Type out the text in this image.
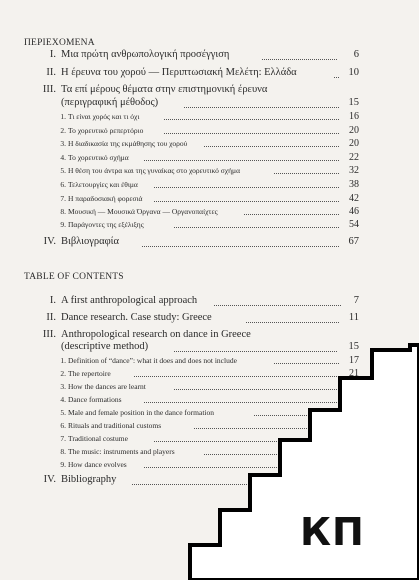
ΠΕΡΙΕΧΟΜΕΝΑ
I. Μια πρώτη ανθρωπολογική προσέγγιση	6
II. Η έρευνα του χορού — Περιπτωσιακή Μελέτη: Ελλάδα	10
III. Τα επί μέρους θέματα στην επιστημονική έρευνα
(περιγραφική μέθοδος)	15
1. Τι είναι χορός και τι όχι	16
2. Το χορευτικό ρεπερτόριο	20
3. Η διαδικασία της εκμάθησης του χορού	20
4. Το χορευτικό σχήμα	22
5. Η θέση του άντρα και της γυναίκας στο χορευτικό σχήμα	32
6. Τελετουργίες και έθιμα	38
7. Η παραδοσιακή φορεσιά	42
8. Μουσική — Μουσικά Όργανα — Οργανοπαίχτες	46
9. Παράγοντες της εξέλιξης	54
IV. Βιβλιογραφία	67
TABLE OF CONTENTS
I. A first anthropological approach	7
II. Dance research. Case study: Greece	11
III. Anthropological research on dance in Greece
(descriptive method)	15
1. Definition of “dance”: what it does and does not include	17
2. The repertoire	21
3. How the dances are learnt
4. Dance formations
5. Male and female position in the dance formation
6. Rituals and traditional customs
7. Traditional costume
8. The music: instruments and players
9. How dance evolves
IV. Bibliography
КП
